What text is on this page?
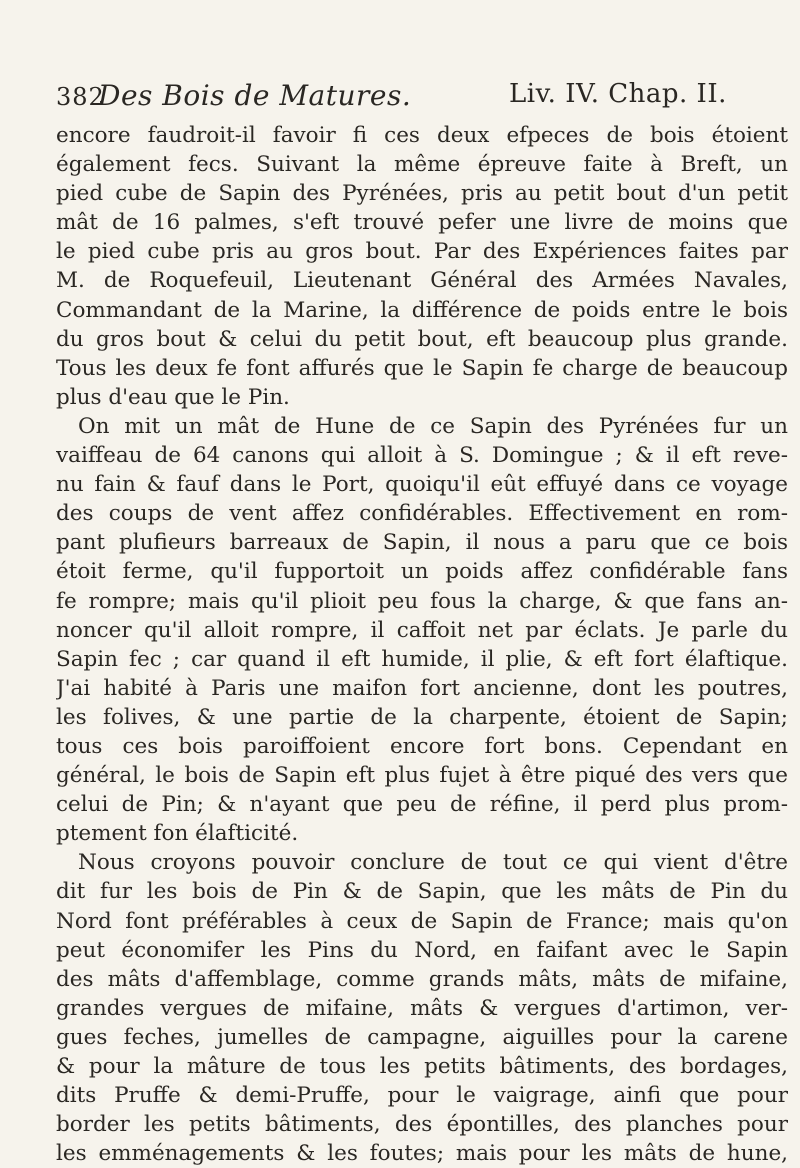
382
Des Bois de Matures.	Liv. IV. Chap. II.
encore faudroit-il favoir fi ces deux efpeces de bois étoient
également fecs. Suivant la même épreuve faite à Breft, un
pied cube de Sapin des Pyrénées, pris au petit bout d'un petit
mât de 16 palmes, s'eft trouvé pefer une livre de moins que
le pied cube pris au gros bout. Par des Expériences faites par
M. de Roquefeuil, Lieutenant Général des Armées Navales,
Commandant de la Marine, la différence de poids entre le bois
du gros bout & celui du petit bout, eft beaucoup plus grande.
Tous les deux fe font affurés que le Sapin fe charge de beaucoup
plus d'eau que le Pin.
On mit un mât de Hune de ce Sapin des Pyrénées fur un
vaiffeau de 64 canons qui alloit à S. Domingue ; & il eft reve-
nu fain & fauf dans le Port, quoiqu'il eût effuyé dans ce voyage
des coups de vent affez confidérables. Effectivement en rom-
pant plufieurs barreaux de Sapin, il nous a paru que ce bois
étoit ferme, qu'il fupportoit un poids affez confidérable fans
fe rompre; mais qu'il plioit peu fous la charge, & que fans an-
noncer qu'il alloit rompre, il caffoit net par éclats. Je parle du
Sapin fec ; car quand il eft humide, il plie, & eft fort élaftique.
J'ai habité à Paris une maifon fort ancienne, dont les poutres,
les folives, & une partie de la charpente, étoient de Sapin;
tous ces bois paroiffoient encore fort bons. Cependant en
général, le bois de Sapin eft plus fujet à être piqué des vers que
celui de Pin; & n'ayant que peu de réfine, il perd plus prom-
ptement fon élafticité.
Nous croyons pouvoir conclure de tout ce qui vient d'être
dit fur les bois de Pin & de Sapin, que les mâts de Pin du
Nord font préférables à ceux de Sapin de France; mais qu'on
peut économifer les Pins du Nord, en faifant avec le Sapin
des mâts d'affemblage, comme grands mâts, mâts de mifaine,
grandes vergues de mifaine, mâts & vergues d'artimon, ver-
gues feches, jumelles de campagne, aiguilles pour la carene
& pour la mâture de tous les petits bâtiments, des bordages,
dits Pruffe & demi-Pruffe, pour le vaigrage, ainfi que pour
border les petits bâtiments, des épontilles, des planches pour
les emménagements & les foutes; mais pour les mâts de hune,
